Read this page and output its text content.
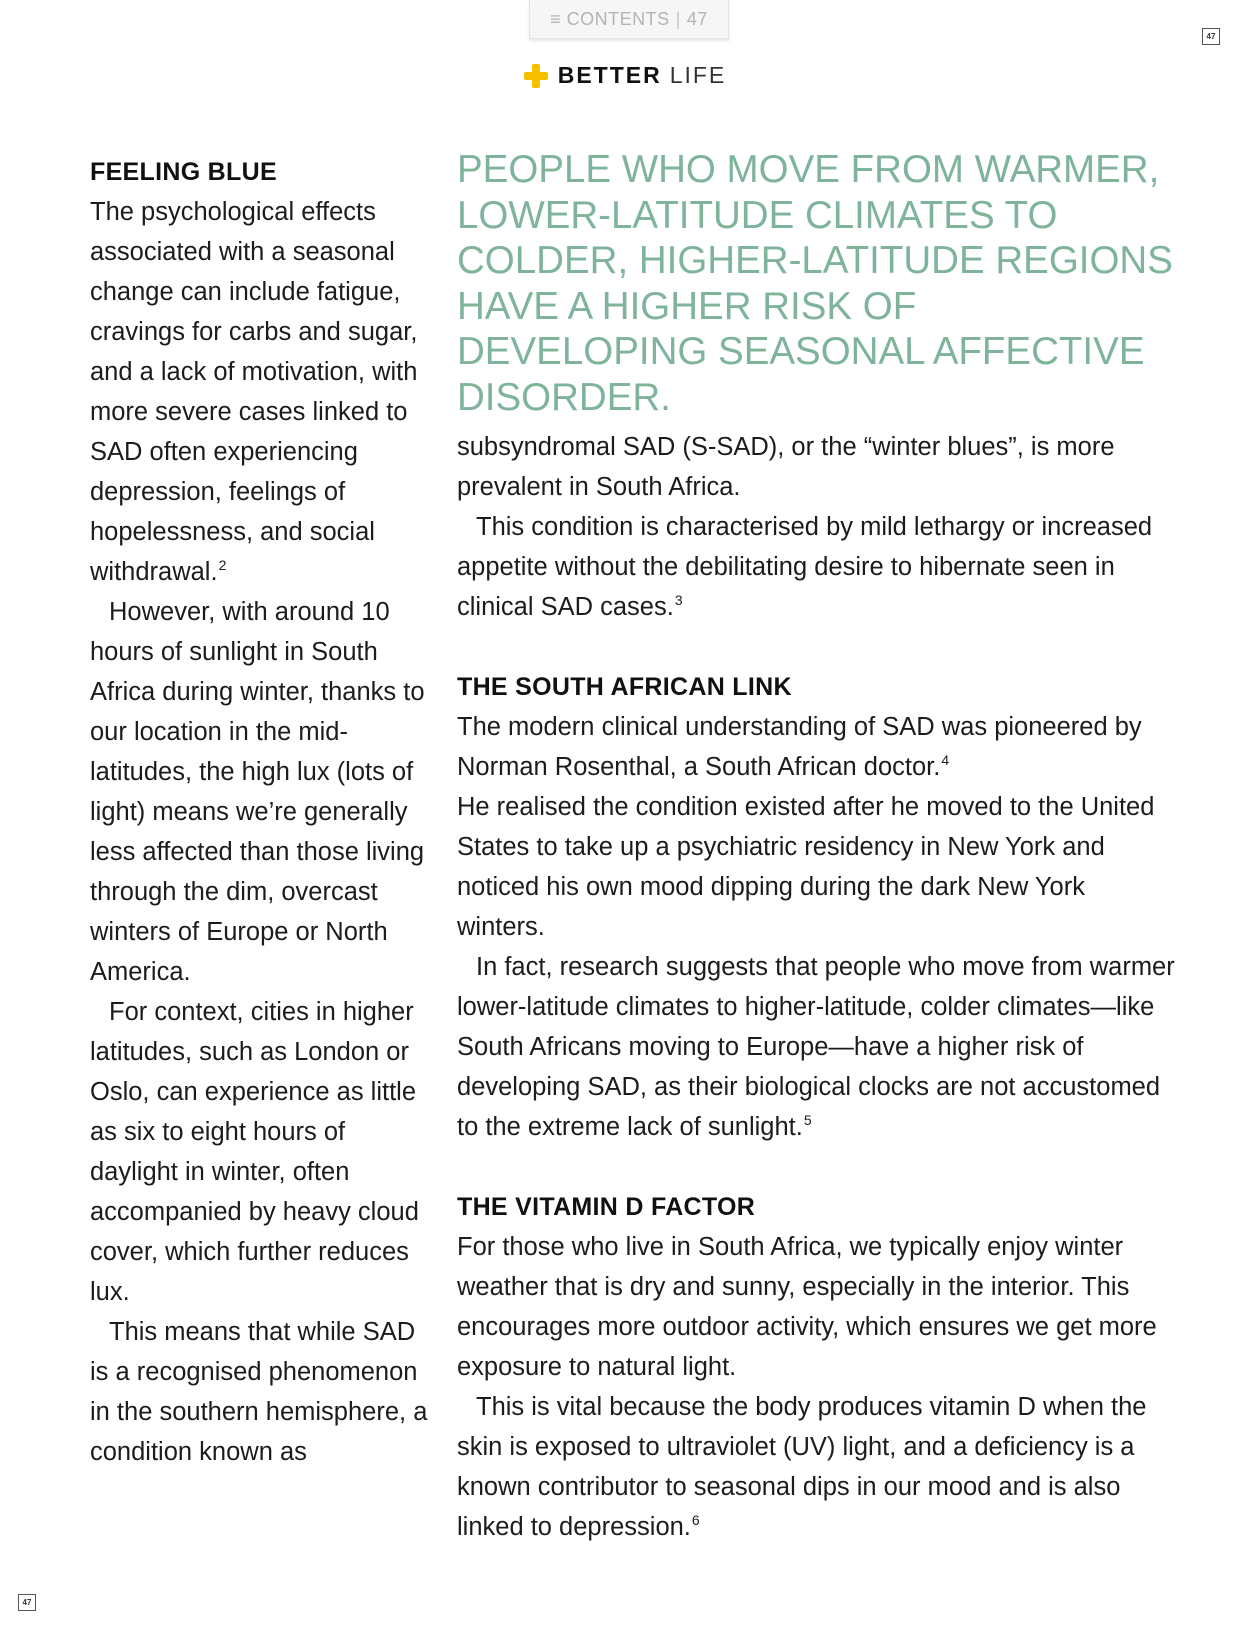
≡ CONTENTS | 47
47
47
BETTER LIFE
FEELING BLUE

The psychological effects associated with a seasonal change can include fatigue, cravings for carbs and sugar, and a lack of motivation, with more severe cases linked to SAD often experiencing depression, feelings of hopelessness, and social withdrawal.$^2$

However, with around 10 hours of sunlight in South Africa during winter, thanks to our location in the mid-latitudes, the high lux (lots of light) means we’re generally less affected than those living through the dim, overcast winters of Europe or North America.

For context, cities in higher latitudes, such as London or Oslo, can experience as little as six to eight hours of daylight in winter, often accompanied by heavy cloud cover, which further reduces lux.

This means that while SAD is a recognised phenomenon in the southern hemisphere, a condition known as

PEOPLE WHO MOVE FROM WARMER, LOWER-LATITUDE CLIMATES TO COLDER, HIGHER-LATITUDE REGIONS HAVE A HIGHER RISK OF DEVELOPING SEASONAL AFFECTIVE DISORDER.

subsyndromal SAD (S-SAD), or the “winter blues”, is more prevalent in South Africa.

This condition is characterised by mild lethargy or increased appetite without the debilitating desire to hibernate seen in clinical SAD cases.$^3$

THE SOUTH AFRICAN LINK

The modern clinical understanding of SAD was pioneered by Norman Rosenthal, a South African doctor.$^4$
He realised the condition existed after he moved to the United States to take up a psychiatric residency in New York and noticed his own mood dipping during the dark New York winters.

In fact, research suggests that people who move from warmer lower-latitude climates to higher-latitude, colder climates—like South Africans moving to Europe—have a higher risk of developing SAD, as their biological clocks are not accustomed to the extreme lack of sunlight.$^5$

THE VITAMIN D FACTOR

For those who live in South Africa, we typically enjoy winter weather that is dry and sunny, especially in the interior. This encourages more outdoor activity, which ensures we get more exposure to natural light.

This is vital because the body produces vitamin D when the skin is exposed to ultraviolet (UV) light, and a deficiency is a known contributor to seasonal dips in our mood and is also linked to depression.$^6$
